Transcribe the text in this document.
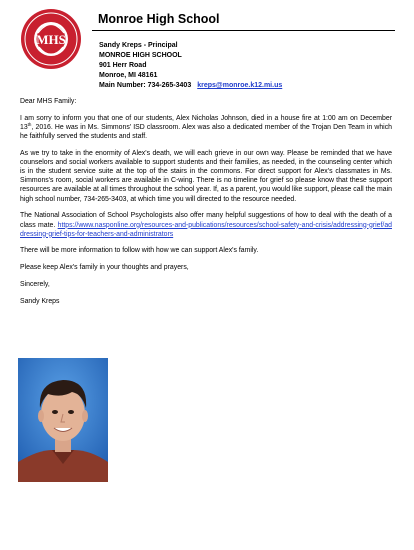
MHS
Monroe High School
Sandy Kreps - Principal
MONROE HIGH SCHOOL
901 Herr Road
Monroe, MI 48161
Main Number: 734-265-3403 kreps@monroe.k12.mi.us

Dear MHS Family:

I am sorry to inform you that one of our students, Alex Nicholas Johnson, died in a house fire at 1:00 am on December 13th, 2016. He was in Ms. Simmons' ISD classroom. Alex was also a dedicated member of the Trojan Den Team in which he faithfully served the students and staff.

As we try to take in the enormity of Alex's death, we will each grieve in our own way. Please be reminded that we have counselors and social workers available to support students and their families, as needed, in the counseling center which is in the student service suite at the top of the stairs in the commons. For direct support for Alex's classmates in Ms. Simmons's room, social workers are available in C-wing. There is no timeline for grief so please know that these support resources are available at all times throughout the school year. If, as a parent, you would like support, please call the main high school number, 734-265-3403, at which time you will directed to the resource needed.

The National Association of School Psychologists also offer many helpful suggestions of how to deal with the death of a class mate. https://www.nasponline.org/resources-and-publications/resources/school-safety-and-crisis/addressing-grief/addressing-grief-tips-for-teachers-and-administrators

There will be more information to follow with how we can support Alex's family.

Please keep Alex's family in your thoughts and prayers,

Sincerely,

Sandy Kreps
